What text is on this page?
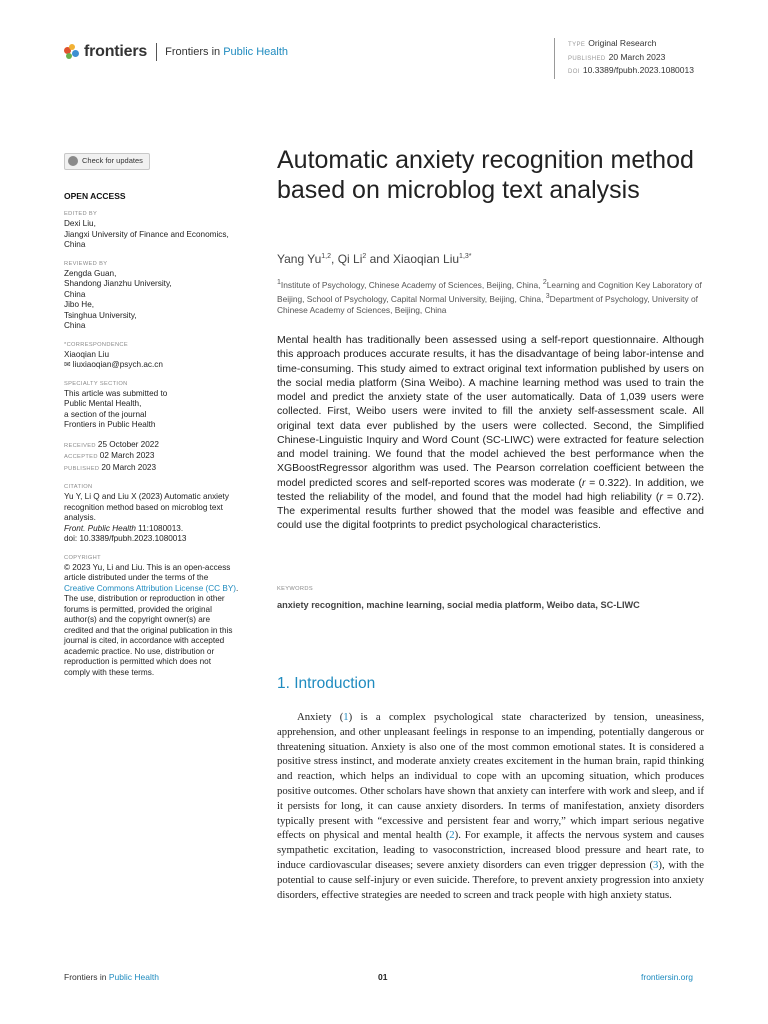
frontiers Frontiers in Public Health
TYPE Original Research
PUBLISHED 20 March 2023
DOI 10.3389/fpubh.2023.1080013
Check for updates
OPEN ACCESS
EDITED BY
Dexi Liu,
Jiangxi University of Finance and Economics,
China
REVIEWED BY
Zengda Guan,
Shandong Jianzhu University,
China
Jibo He,
Tsinghua University,
China
*CORRESPONDENCE
Xiaoqian Liu
✉ liuxiaoqian@psych.ac.cn
SPECIALTY SECTION
This article was submitted to
Public Mental Health,
a section of the journal
Frontiers in Public Health
RECEIVED 25 October 2022
ACCEPTED 02 March 2023
PUBLISHED 20 March 2023
CITATION
Yu Y, Li Q and Liu X (2023) Automatic anxiety
recognition method based on microblog text
analysis.
Front. Public Health 11:1080013.
doi: 10.3389/fpubh.2023.1080013
COPYRIGHT
© 2023 Yu, Li and Liu. This is an open-access
article distributed under the terms of the
Creative Commons Attribution License (CC BY).
The use, distribution or reproduction in other
forums is permitted, provided the original
author(s) and the copyright owner(s) are
credited and that the original publication in this
journal is cited, in accordance with accepted
academic practice. No use, distribution or
reproduction is permitted which does not
comply with these terms.
Automatic anxiety recognition method based on microblog text analysis
Yang Yu$^{1,2}$, Qi Li$^2$ and Xiaoqian Liu$^{1,3*}$
$^1$Institute of Psychology, Chinese Academy of Sciences, Beijing, China, $^2$Learning and Cognition Key Laboratory of Beijing, School of Psychology, Capital Normal University, Beijing, China, $^3$Department of Psychology, University of Chinese Academy of Sciences, Beijing, China
Mental health has traditionally been assessed using a self-report questionnaire. Although this approach produces accurate results, it has the disadvantage of being labor-intense and time-consuming. This study aimed to extract original text information published by users on the social media platform (Sina Weibo). A machine learning method was used to train the model and predict the anxiety state of the user automatically. Data of 1,039 users were collected. First, Weibo users were invited to fill the anxiety self-assessment scale. All original text data ever published by the users were collected. Second, the Simplified Chinese-Linguistic Inquiry and Word Count (SC-LIWC) were extracted for feature selection and model training. We found that the model achieved the best performance when the XGBoostRegressor algorithm was used. The Pearson correlation coefficient between the model predicted scores and self-reported scores was moderate (r = 0.322). In addition, we tested the reliability of the model, and found that the model had high reliability (r = 0.72). The experimental results further showed that the model was feasible and effective and could use the digital footprints to predict psychological characteristics.
KEYWORDS
anxiety recognition, machine learning, social media platform, Weibo data, SC-LIWC
1. Introduction

Anxiety (1) is a complex psychological state characterized by tension, uneasiness, apprehension, and other unpleasant feelings in response to an impending, potentially dangerous or threatening situation. Anxiety is also one of the most common emotional states. It is considered a positive stress instinct, and moderate anxiety creates excitement in the human brain, rapid thinking and reaction, which helps an individual to cope with an upcoming situation, which produces positive outcomes. Other scholars have shown that anxiety can interfere with work and sleep, and if it persists for long, it can cause anxiety disorders. In terms of manifestation, anxiety disorders typically present with “excessive and persistent fear and worry,” which impart serious negative effects on physical and mental health (2). For example, it affects the nervous system and causes sympathetic excitation, leading to vasoconstriction, increased blood pressure and heart rate, to induce cardiovascular diseases; severe anxiety disorders can even trigger depression (3), with the potential to cause self-injury or even suicide. Therefore, to prevent anxiety progression into anxiety disorders, effective strategies are needed to screen and track people with high anxiety status.

Frontiers in Public Health	01	frontiersin.org
